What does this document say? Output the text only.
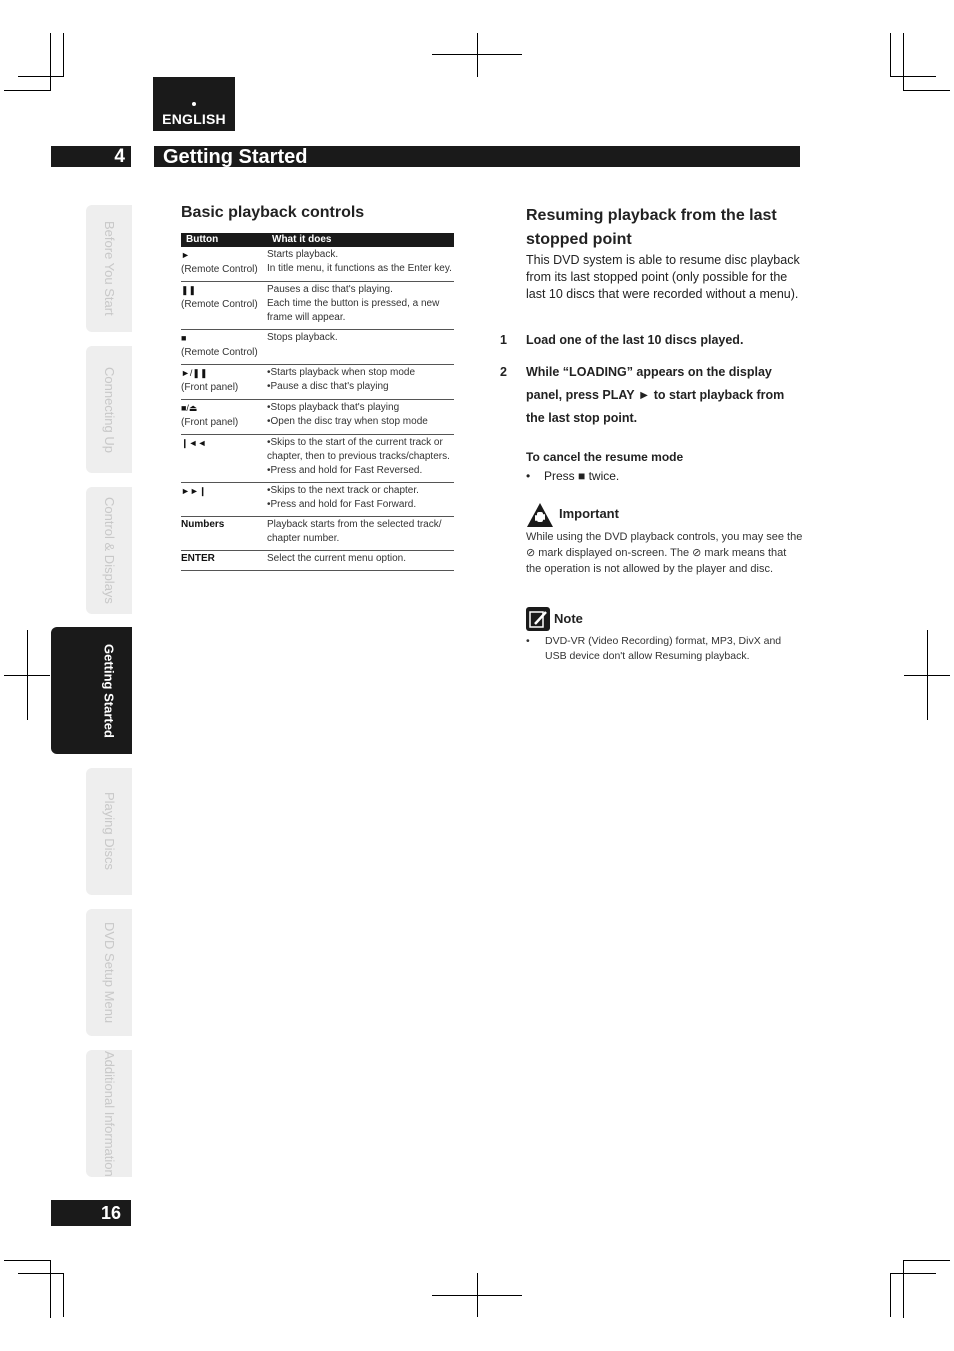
ENGLISH
4	Getting Started
Before You Start
Connecting Up
Control & Displays
Getting Started
Playing Discs
DVD Setup Menu
Additional Information
16
Basic playback controls
Button	What it does
►
(Remote Control)	Starts playback.
In title menu, it functions as the Enter key.
❚❚
(Remote Control)	Pauses a disc that's playing.
Each time the button is pressed, a new frame will appear.
■
(Remote Control)	Stops playback.
►/❚❚
(Front panel)	•Starts playback when stop mode
•Pause a disc that's playing
■/⏏
(Front panel)	•Stops playback that's playing
•Open the disc tray when stop mode
❙◄◄	•Skips to the start of the current track or chapter, then to previous tracks/chapters.
•Press and hold for Fast Reversed.
►►❙	•Skips to the next track or chapter.
•Press and hold for Fast Forward.
Numbers	Playback starts from the selected track/ chapter number.
ENTER	Select the current menu option.
Resuming playback from the last stopped point

This DVD system is able to resume disc playback from its last stopped point (only possible for the last 10 discs that were recorded without a menu).

1 Load one of the last 10 discs played.
2 While “LOADING” appears on the display panel, press PLAY ► to start playback from the last stop point.
To cancel the resume mode
• Press ■ twice.
Important
While using the DVD playback controls, you may see the ⊘ mark displayed on-screen. The ⊘ mark means that the operation is not allowed by the player and disc.
Note
•	DVD-VR (Video Recording) format, MP3, DivX and USB device don't allow Resuming playback.
